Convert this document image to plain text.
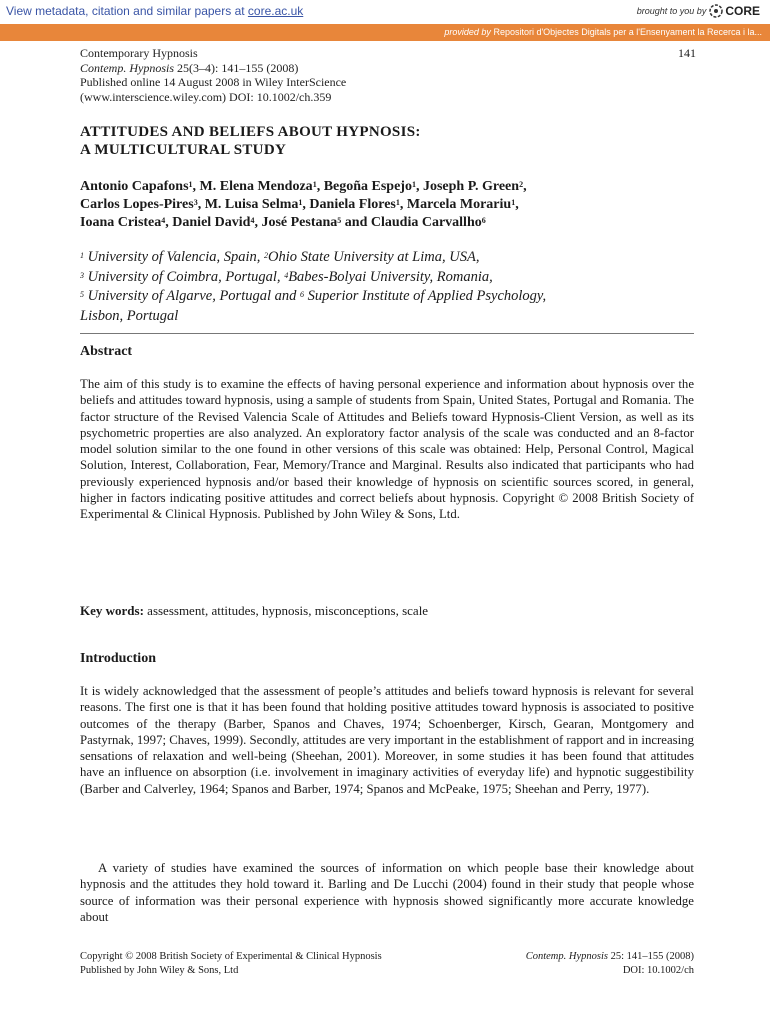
View metadata, citation and similar papers at core.ac.uk	brought to you by CORE
provided by Repositori d'Objectes Digitals per a l'Ensenyament la Recerca i la...
Contemporary Hypnosis
Contemp. Hypnosis 25(3–4): 141–155 (2008)
Published online 14 August 2008 in Wiley InterScience
(www.interscience.wiley.com) DOI: 10.1002/ch.359
141
ATTITUDES AND BELIEFS ABOUT HYPNOSIS:
A MULTICULTURAL STUDY
Antonio Capafons$^1$, M. Elena Mendoza$^1$, Begoña Espejo$^1$, Joseph P. Green$^2$,
Carlos Lopes-Pires$^3$, M. Luisa Selma$^1$, Daniela Flores$^1$, Marcela Morariu$^1$,
Ioana Cristea$^4$, Daniel David$^4$, José Pestana$^5$ and Claudia Carvallho$^6$
$^1$ University of Valencia, Spain, $^2$Ohio State University at Lima, USA,
$^3$ University of Coimbra, Portugal, $^4$Babes-Bolyai University, Romania,
$^5$ University of Algarve, Portugal and $^6$ Superior Institute of Applied Psychology,
Lisbon, Portugal
Abstract
The aim of this study is to examine the effects of having personal experience and information about hypnosis over the beliefs and attitudes toward hypnosis, using a sample of students from Spain, United States, Portugal and Romania. The factor structure of the Revised Valencia Scale of Attitudes and Beliefs toward Hypnosis-Client Version, as well as its psychometric properties are also analyzed. An exploratory factor analysis of the scale was conducted and an 8-factor model solution similar to the one found in other versions of this scale was obtained: Help, Personal Control, Magical Solution, Interest, Collaboration, Fear, Memory/Trance and Marginal. Results also indicated that participants who had previously experienced hypnosis and/or based their knowledge of hypnosis on scientific sources scored, in general, higher in factors indicating positive attitudes and correct beliefs about hypnosis. Copyright © 2008 British Society of Experimental & Clinical Hypnosis. Published by John Wiley & Sons, Ltd.
Key words: assessment, attitudes, hypnosis, misconceptions, scale
Introduction
It is widely acknowledged that the assessment of people’s attitudes and beliefs toward hypnosis is relevant for several reasons. The first one is that it has been found that holding positive attitudes toward hypnosis is associated to positive outcomes of the therapy (Barber, Spanos and Chaves, 1974; Schoenberger, Kirsch, Gearan, Montgomery and Pastyrnak, 1997; Chaves, 1999). Secondly, attitudes are very important in the establishment of rapport and in increasing sensations of relaxation and well-being (Sheehan, 2001). Moreover, in some studies it has been found that attitudes have an influence on absorption (i.e. involvement in imaginary activities of everyday life) and hypnotic suggestibility (Barber and Calverley, 1964; Spanos and Barber, 1974; Spanos and McPeake, 1975; Sheehan and Perry, 1977).
A variety of studies have examined the sources of information on which people base their knowledge about hypnosis and the attitudes they hold toward it. Barling and De Lucchi (2004) found in their study that people whose source of information was their personal experience with hypnosis showed significantly more accurate knowledge about
Copyright © 2008 British Society of Experimental & Clinical Hypnosis
Published by John Wiley & Sons, Ltd
Contemp. Hypnosis 25: 141–155 (2008)
DOI: 10.1002/ch
